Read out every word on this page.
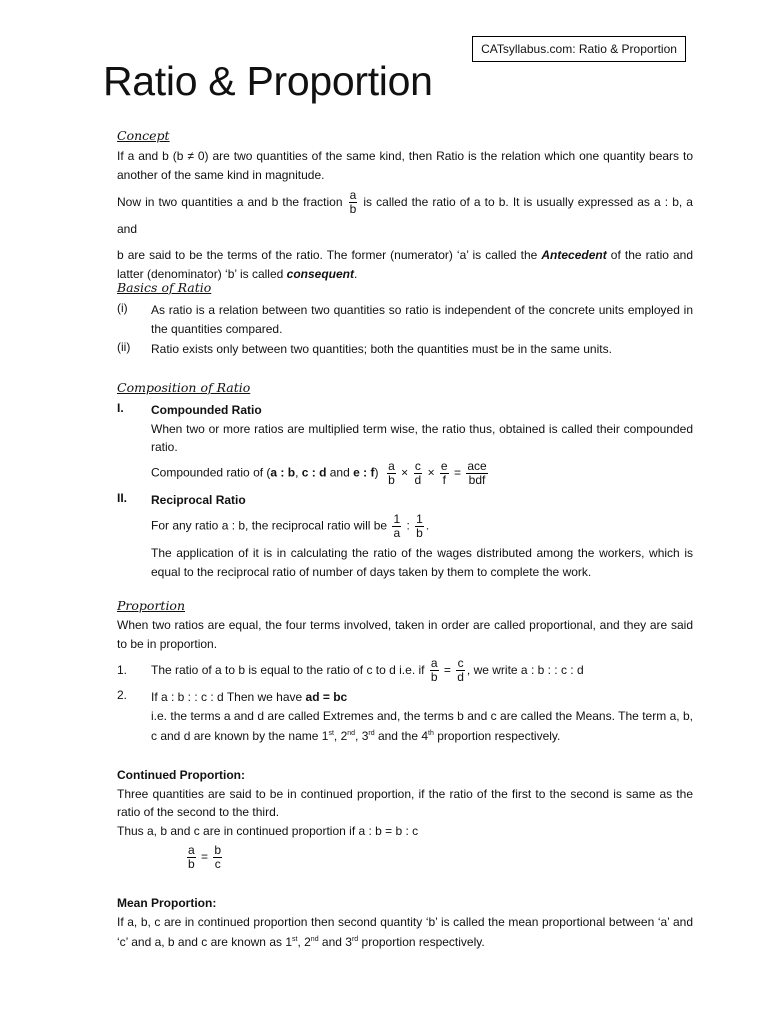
CATsyllabus.com: Ratio & Proportion
Ratio & Proportion
Concept

If a and b (b ≠ 0) are two quantities of the same kind, then Ratio is the relation which one quantity bears to another of the same kind in magnitude.

Now in two quantities a and b the fraction $\frac{a}{b}$ is called the ratio of a to b. It is usually expressed as a : b, a and

b are said to be the terms of the ratio. The former (numerator) ‘a’ is called the Antecedent of the ratio and latter (denominator) ‘b’ is called consequent.

Basics of Ratio
(i)	As ratio is a relation between two quantities so ratio is independent of the concrete units employed in the quantities compared.

(ii)	Ratio exists only between two quantities; both the quantities must be in the same units.

Composition of Ratio
I.	Compounded Ratio

When two or more ratios are multiplied term wise, the ratio thus, obtained is called their compounded ratio.

Compounded ratio of (a : b, c : d and e : $f) \frac{a}{b} \times \frac{c}{d} \times \frac{e}{f} = \frac{\text{ace}}{\text{bdf}}$

II.	Reciprocal Ratio

For any ratio a : b, the reciprocal ratio will be $\frac{1}{a}$ : $\frac{1}{b}$ .

The application of it is in calculating the ratio of the wages distributed among the workers, which is equal to the reciprocal ratio of number of days taken by them to complete the work.

Proportion

When two ratios are equal, the four terms involved, taken in order are called proportional, and they are said to be in proportion.

1.	The ratio of a to b is equal to the ratio of c to d i.e. if $\frac{a}{b} = \frac{c}{d}$ , we write a : b : : c : d

2.	If a : b : : c : d Then we have ad = bc

i.e. the terms a and d are called Extremes and, the terms b and c are called the Means. The term a, b, c and d are known by the name 1st, 2nd, 3rd and the 4th proportion respectively.

Continued Proportion:

Three quantities are said to be in continued proportion, if the ratio of the first to the second is same as the ratio of the second to the third.

Thus a, b and c are in continued proportion if a : b = b : c

$\frac{a}{b} = \frac{b}{c}$

Mean Proportion:

If a, b, c are in continued proportion then second quantity ‘b’ is called the mean proportional between ‘a’ and ‘c’ and a, b and c are known as 1st, 2nd and 3rd proportion respectively.
